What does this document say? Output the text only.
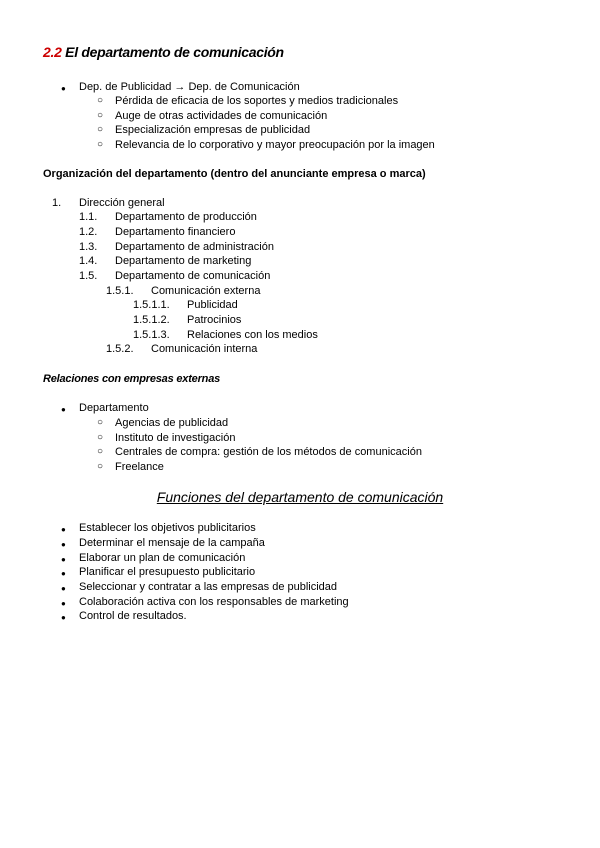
2.2 El departamento de comunicación
● Dep. de Publicidad → Dep. de Comunicación
○ Pérdida de eficacia de los soportes y medios tradicionales
○ Auge de otras actividades de comunicación
○ Especialización empresas de publicidad
○ Relevancia de lo corporativo y mayor preocupación por la imagen
Organización del departamento (dentro del anunciante empresa o marca)
1. Dirección general
1.1. Departamento de producción
1.2. Departamento financiero
1.3. Departamento de administración
1.4. Departamento de marketing
1.5. Departamento de comunicación
1.5.1. Comunicación externa
1.5.1.1. Publicidad
1.5.1.2. Patrocinios
1.5.1.3. Relaciones con los medios
1.5.2. Comunicación interna
Relaciones con empresas externas
● Departamento
○ Agencias de publicidad
○ Instituto de investigación
○ Centrales de compra: gestión de los métodos de comunicación
○ Freelance
Funciones del departamento de comunicación
● Establecer los objetivos publicitarios
● Determinar el mensaje de la campaña
● Elaborar un plan de comunicación
● Planificar el presupuesto publicitario
● Seleccionar y contratar a las empresas de publicidad
● Colaboración activa con los responsables de marketing
● Control de resultados.
